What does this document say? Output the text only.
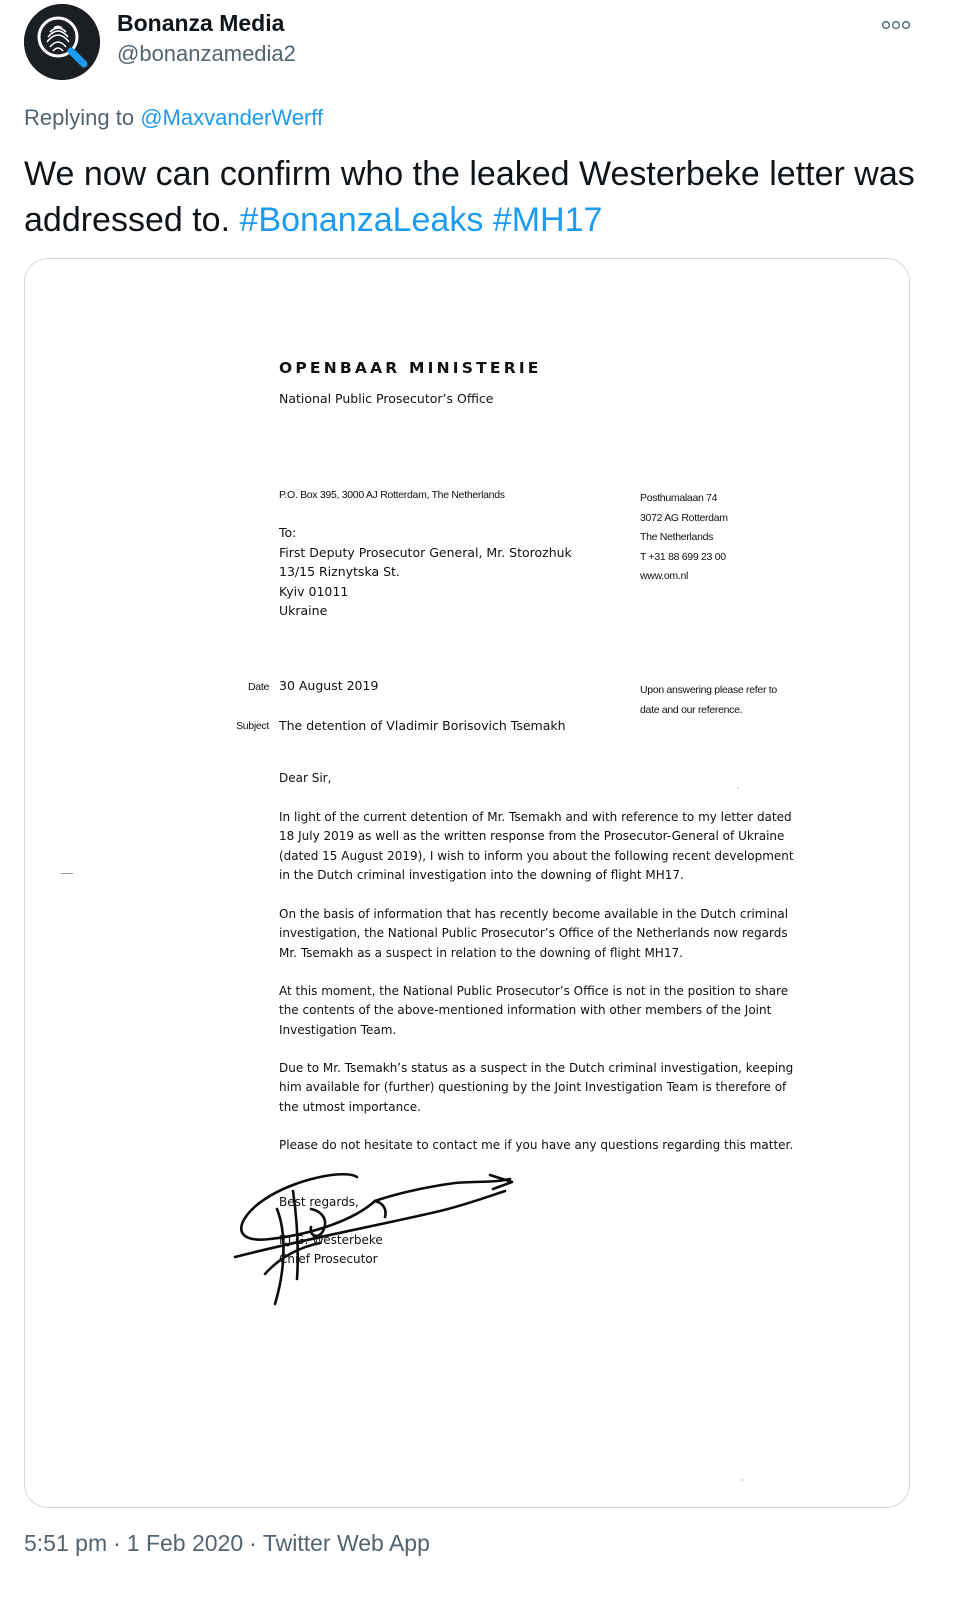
Bonanza Media
@bonanzamedia2
Replying to @MaxvanderWerff
We now can confirm who the leaked Westerbeke letter was addressed to. #BonanzaLeaks #MH17
OPENBAAR MINISTERIE
National Public Prosecutor’s Office
P.O. Box 395, 3000 AJ Rotterdam, The Netherlands
To:
First Deputy Prosecutor General, Mr. Storozhuk
13/15 Riznytska St.
Kyiv 01011
Ukraine
Posthumalaan 74
3072 AG Rotterdam
The Netherlands
T +31 88 699 23 00
www.om.nl
Date 30 August 2019
Subject The detention of Vladimir Borisovich Tsemakh
Upon answering please refer to
date and our reference.
Dear Sir,
In light of the current detention of Mr. Tsemakh and with reference to my letter dated 18 July 2019 as well as the written response from the Prosecutor-General of Ukraine (dated 15 August 2019), I wish to inform you about the following recent development in the Dutch criminal investigation into the downing of flight MH17.
On the basis of information that has recently become available in the Dutch criminal investigation, the National Public Prosecutor’s Office of the Netherlands now regards Mr. Tsemakh as a suspect in relation to the downing of flight MH17.
At this moment, the National Public Prosecutor’s Office is not in the position to share the contents of the above-mentioned information with other members of the Joint Investigation Team.
Due to Mr. Tsemakh’s status as a suspect in the Dutch criminal investigation, keeping him available for (further) questioning by the Joint Investigation Team is therefore of the utmost importance.
Please do not hesitate to contact me if you have any questions regarding this matter.
Best regards,
F.J.G. Westerbeke
Chief Prosecutor
5:51 pm · 1 Feb 2020 · Twitter Web App
